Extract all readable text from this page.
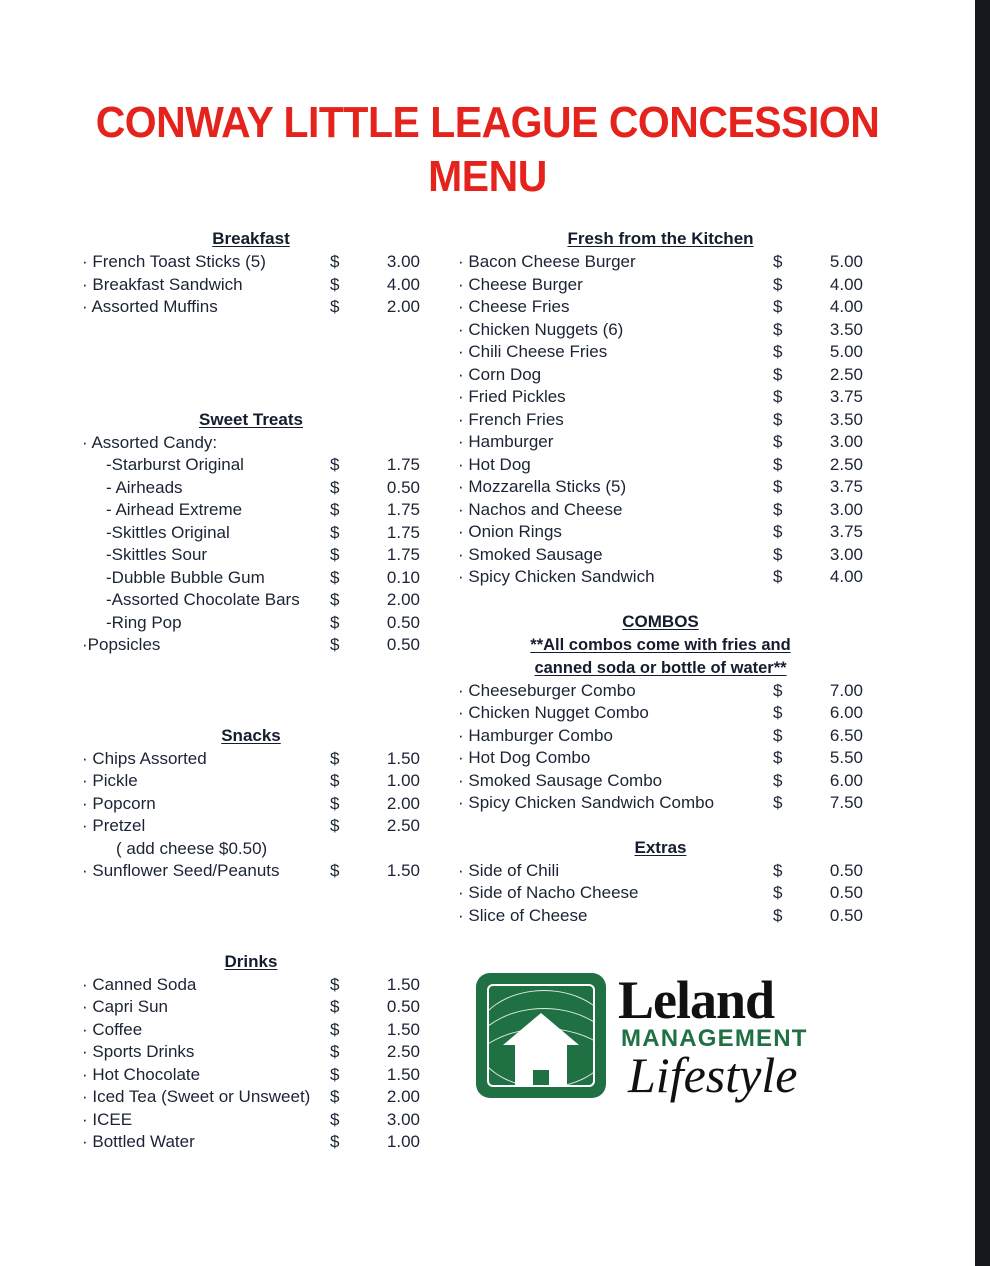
CONWAY LITTLE LEAGUE CONCESSION MENU
Breakfast
· French Toast Sticks (5)	$	3.00
· Breakfast Sandwich	$	4.00
· Assorted Muffins	$	2.00
Sweet Treats
· Assorted Candy:
-Starburst Original	$	1.75
- Airheads	$	0.50
- Airhead Extreme	$	1.75
-Skittles Original	$	1.75
-Skittles Sour	$	1.75
-Dubble Bubble Gum	$	0.10
-Assorted Chocolate Bars	$	2.00
-Ring Pop	$	0.50
·Popsicles	$	0.50
Snacks
· Chips Assorted	$	1.50
· Pickle	$	1.00
· Popcorn	$	2.00
· Pretzel	$	2.50
( add cheese $0.50)
· Sunflower Seed/Peanuts	$	1.50
Drinks
· Canned Soda	$	1.50
· Capri Sun	$	0.50
· Coffee	$	1.50
· Sports Drinks	$	2.50
· Hot Chocolate	$	1.50
· Iced Tea (Sweet or Unsweet)	$	2.00
· ICEE	$	3.00
· Bottled Water	$	1.00
Fresh from the Kitchen
· Bacon Cheese Burger	$	5.00
· Cheese Burger	$	4.00
· Cheese Fries	$	4.00
· Chicken Nuggets (6)	$	3.50
· Chili Cheese Fries	$	5.00
· Corn Dog	$	2.50
· Fried Pickles	$	3.75
· French Fries	$	3.50
· Hamburger	$	3.00
· Hot Dog	$	2.50
· Mozzarella Sticks (5)	$	3.75
· Nachos and Cheese	$	3.00
· Onion Rings	$	3.75
· Smoked Sausage	$	3.00
· Spicy Chicken Sandwich	$	4.00
COMBOS
**All combos come with fries and
canned soda or bottle of water**
· Cheeseburger Combo	$	7.00
· Chicken Nugget Combo	$	6.00
· Hamburger Combo	$	6.50
· Hot Dog Combo	$	5.50
· Smoked Sausage Combo	$	6.00
· Spicy Chicken Sandwich Combo	$	7.50
Extras
· Side of Chili	$	0.50
· Side of Nacho Cheese	$	0.50
· Slice of Cheese	$	0.50
Leland
MANAGEMENT
Lifestyle
